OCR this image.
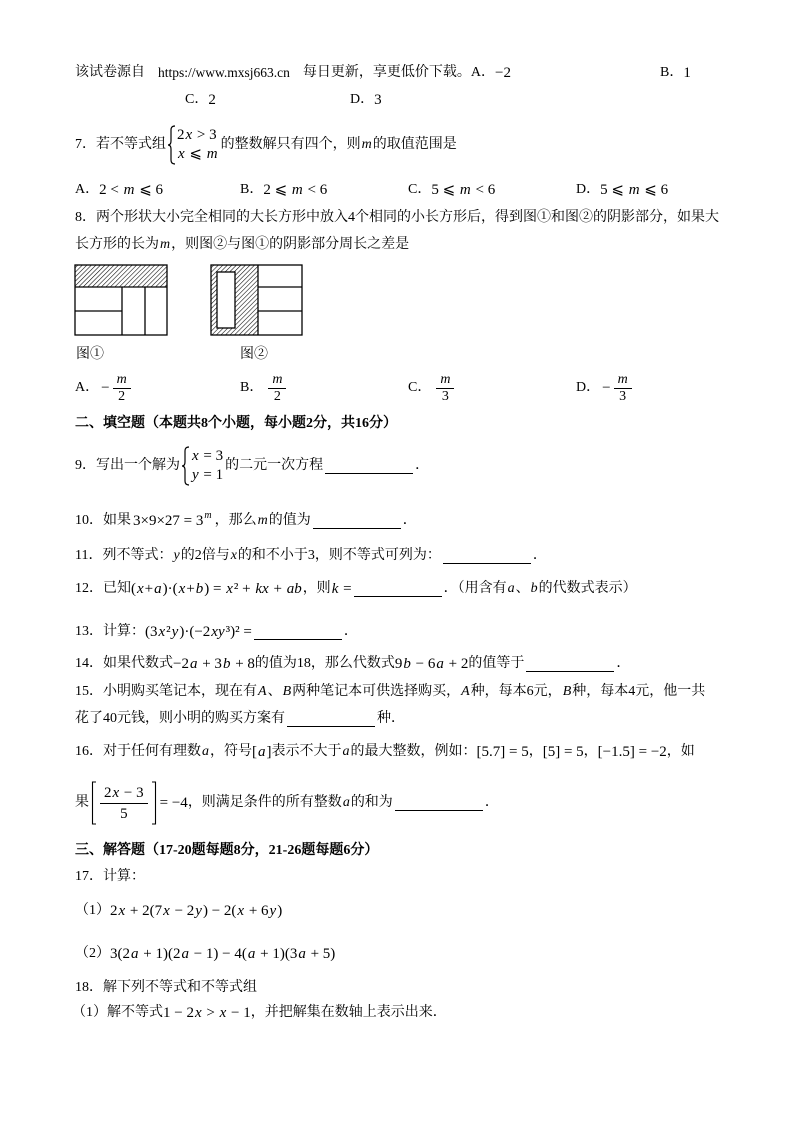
该试卷源自 https://www.mxsj663.cn 每日更新，享更低价下载。 A． −2	B． 1
C． 2	D． 3
7． 若不等式组
2x > 3
x ⩽ m
的整数解只有四个，则m的取值范围是
A． 2 < m ⩽ 6	B． 2 ⩽ m < 6	C． 5 ⩽ m < 6	D． 5 ⩽ m ⩽ 6
8． 两个形状大小完全相同的大长方形中放入4个相同的小长方形后，得到图①和图②的阴影部分，如果大
长方形的长为m，则图②与图①的阴影部分周长之差是
图①	图②
A． − $\frac{m}{2}$	B． $\frac{m}{2}$	C． $\frac{m}{3}$	D． − $\frac{m}{3}$
二、填空题（本题共8个小题，每小题2分，共16分）
9． 写出一个解为
x = 3
y = 1
的二元一次方程	．
10． 如果 $3\times 9\times 27 = 3^m$ ，那么m的值为	．
11． 列不等式：y的2倍与x的和不小于3，则不等式可列为：	．
12． 已知 (x+a)·(x+b) = x² + kx + ab ，则 k =	．（用含有a、b的代数式表示）
13． 计算： (3x²y)·(−2xy³)² =	．
14． 如果代数式 −2a + 3b + 8 的值为18，那么代数式 9b − 6a + 2 的值等于	．
15． 小明购买笔记本，现在有A、B两种笔记本可供选择购买，A种，每本6元，B种，每本4元，他一共
花了40元钱，则小明的购买方案有	种．
16． 对于任何有理数a，符号 [a] 表示不大于a的最大整数，例如： [5.7] = 5 ， [5] = 5 ， [−1.5] = −2 ，如
果 $\frac{2x - 3}{5} = -4$ ，则满足条件的所有整数a的和为	．
三、解答题（17-20题每题8分，21-26题每题6分）
17． 计算：
（1） 2x + 2(7x − 2y) − 2(x + 6y)
（2） 3(2a + 1)(2a − 1) − 4(a + 1)(3a + 5)
18． 解下列不等式和不等式组
（1） 解不等式 1 − 2x > x − 1 ，并把解集在数轴上表示出来．
